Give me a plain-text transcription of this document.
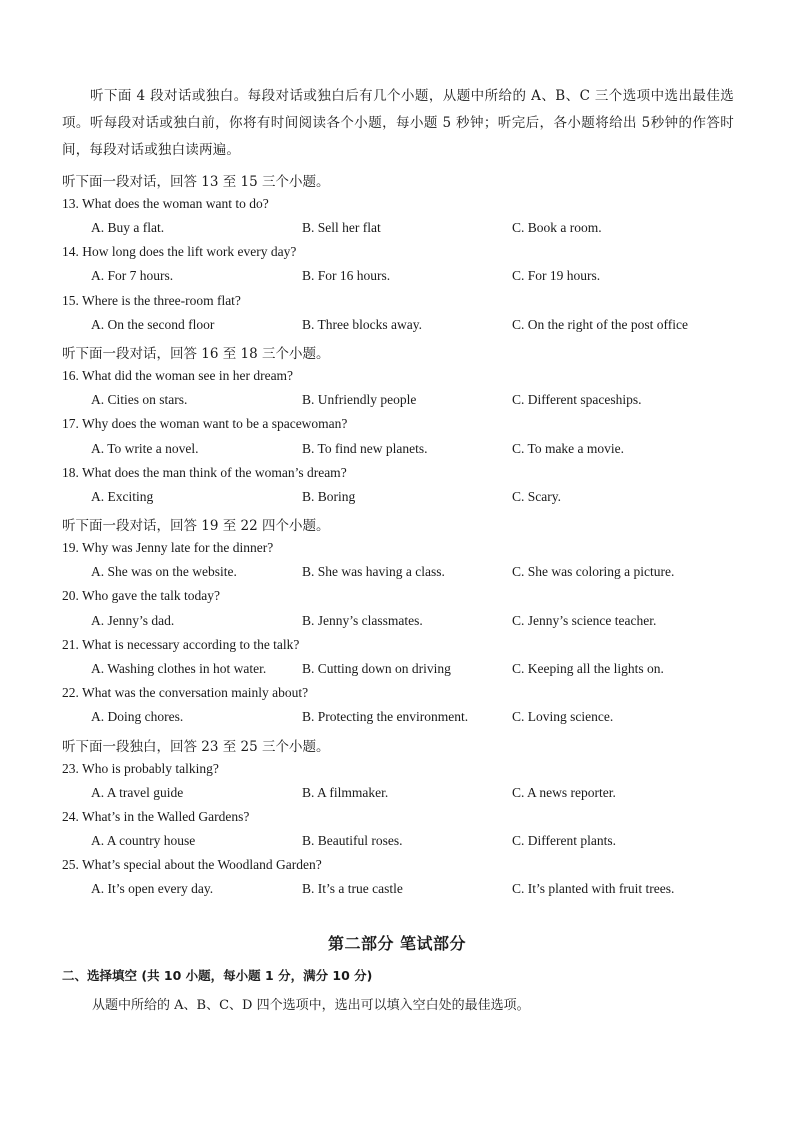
听下面 4 段对话或独白。每段对话或独白后有几个小题，从题中所给的 A、B、C 三个选项中选出最佳选项。听每段对话或独白前，你将有时间阅读各个小题，每小题 5 秒钟；听完后，各小题将给出 5秒钟的作答时间，每段对话或独白读两遍。
听下面一段对话，回答 13 至 15 三个小题。
13. What does the woman want to do?
A. Buy a flat.	B. Sell her flat	C. Book a room.
14. How long does the lift work every day?
A. For 7 hours.	B. For 16 hours.	C. For 19 hours.
15. Where is the three-room flat?
A. On the second floor	B. Three blocks away.	C. On the right of the post office
听下面一段对话，回答 16 至 18 三个小题。
16. What did the woman see in her dream?
A. Cities on stars.	B. Unfriendly people	C. Different spaceships.
17. Why does the woman want to be a spacewoman?
A. To write a novel.	B. To find new planets.	C. To make a movie.
18. What does the man think of the woman’s dream?
A. Exciting	B. Boring	C. Scary.
听下面一段对话，回答 19 至 22 四个小题。
19. Why was Jenny late for the dinner?
A. She was on the website.	B. She was having a class.	C. She was coloring a picture.
20. Who gave the talk today?
A. Jenny’s dad.	B. Jenny’s classmates.	C. Jenny’s science teacher.
21. What is necessary according to the talk?
A. Washing clothes in hot water.	B. Cutting down on driving	C. Keeping all the lights on.
22. What was the conversation mainly about?
A. Doing chores.	B. Protecting the environment.	C. Loving science.
听下面一段独白，回答 23 至 25 三个小题。
23. Who is probably talking?
A. A travel guide	B. A filmmaker.	C. A news reporter.
24. What’s in the Walled Gardens?
A. A country house	B. Beautiful roses.	C. Different plants.
25. What’s special about the Woodland Garden?
A. It’s open every day.	B. It’s a true castle	C. It’s planted with fruit trees.
第二部分 笔试部分
二、选择填空 (共 10 小题，每小题 1 分，满分 10 分)
从题中所给的 A、B、C、D 四个选项中，选出可以填入空白处的最佳选项。
